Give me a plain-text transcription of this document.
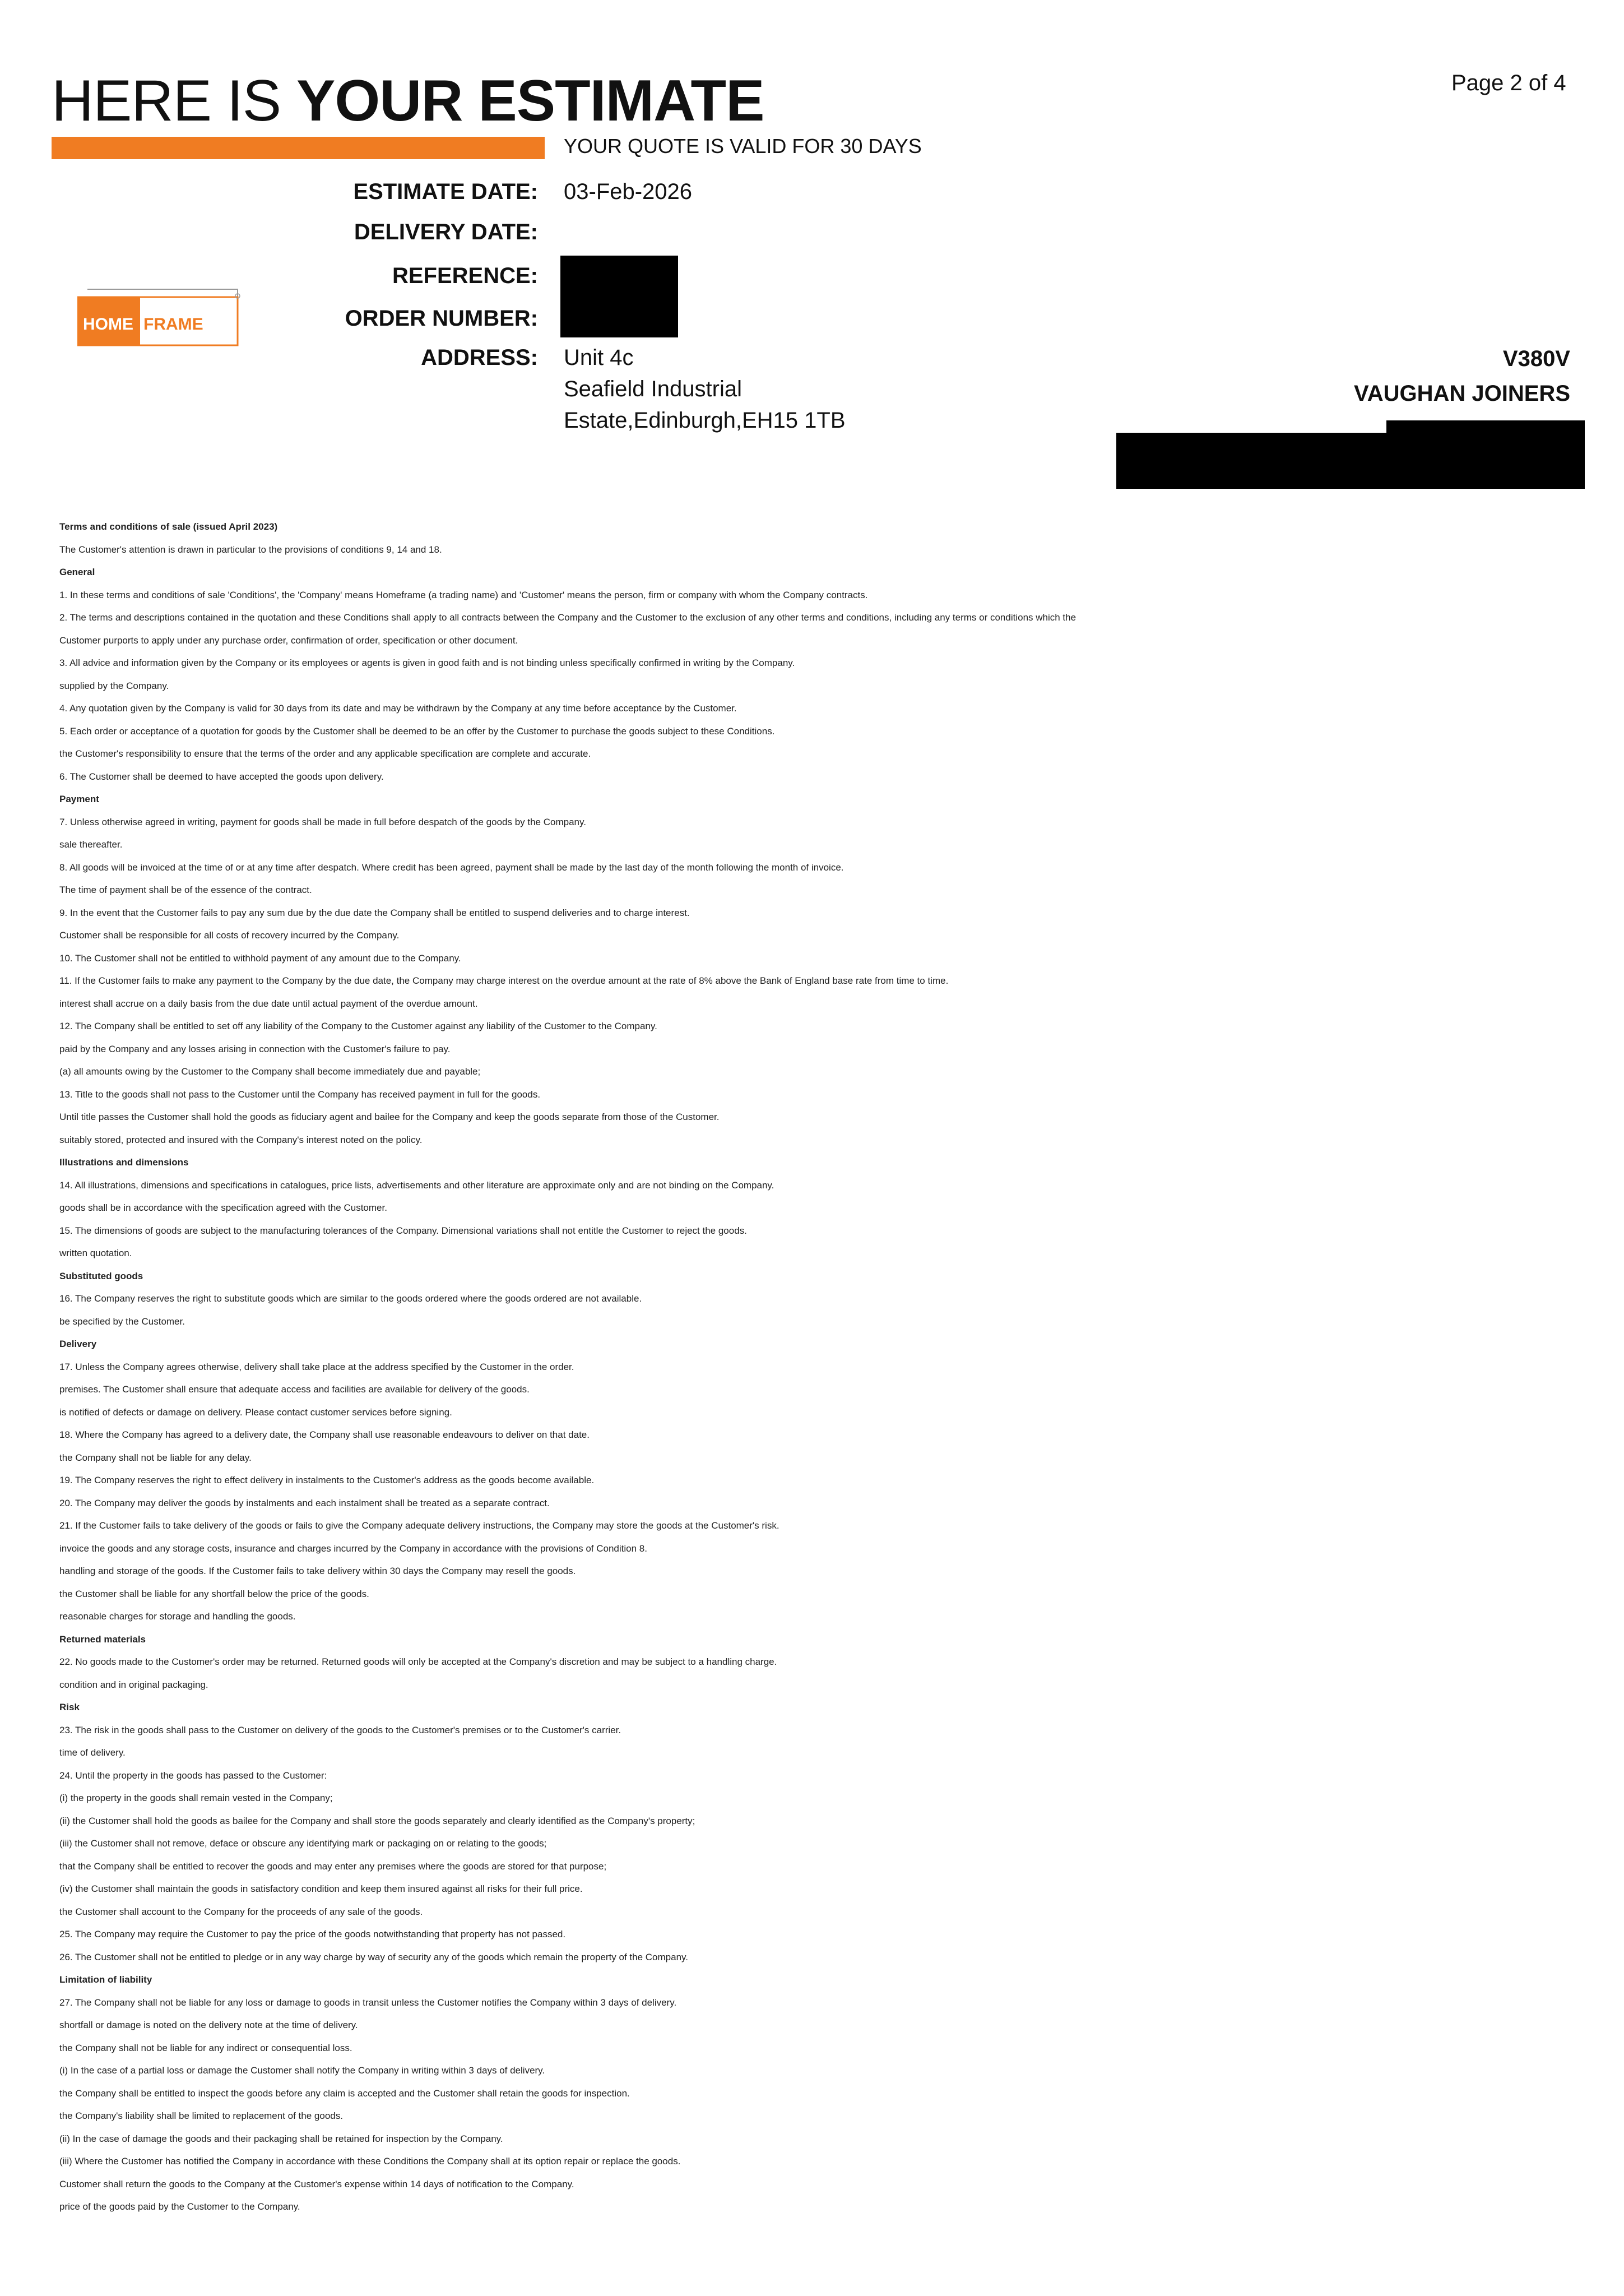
HERE IS YOUR ESTIMATE
YOUR QUOTE IS VALID FOR 30 DAYS
Page 2 of 4
ESTIMATE DATE: 03-Feb-2026
DELIVERY DATE:
REFERENCE:
ORDER NUMBER:
ADDRESS: Unit 4c
Seafield Industrial
Estate,Edinburgh,EH15 1TB
HOME FRAME
V380V
VAUGHAN JOINERS
Terms and conditions of sale (issued April 2023)
The Customer's attention is drawn in particular to the provisions of conditions 9, 14 and 18.
General
1. In these terms and conditions of sale 'Conditions', the 'Company' means Homeframe (a trading name) and 'Customer' means the person, firm or company with whom the Company contracts.
2. The terms and descriptions contained in the quotation and these Conditions shall apply to all contracts between the Company and the Customer to the exclusion of any other terms and conditions, including any terms or conditions which the
Customer purports to apply under any purchase order, confirmation of order, specification or other document.
3. All advice and information given by the Company or its employees or agents is given in good faith and is not binding unless specifically confirmed in writing by the Company.
supplied by the Company.
4. Any quotation given by the Company is valid for 30 days from its date and may be withdrawn by the Company at any time before acceptance by the Customer.
5. Each order or acceptance of a quotation for goods by the Customer shall be deemed to be an offer by the Customer to purchase the goods subject to these Conditions.
the Customer's responsibility to ensure that the terms of the order and any applicable specification are complete and accurate.
6. The Customer shall be deemed to have accepted the goods upon delivery.
Payment
7. Unless otherwise agreed in writing, payment for goods shall be made in full before despatch of the goods by the Company.
sale thereafter.
8. All goods will be invoiced at the time of or at any time after despatch. Where credit has been agreed, payment shall be made by the last day of the month following the month of invoice.
The time of payment shall be of the essence of the contract.
9. In the event that the Customer fails to pay any sum due by the due date the Company shall be entitled to suspend deliveries and to charge interest.
Customer shall be responsible for all costs of recovery incurred by the Company.
10. The Customer shall not be entitled to withhold payment of any amount due to the Company.
11. If the Customer fails to make any payment to the Company by the due date, the Company may charge interest on the overdue amount at the rate of 8% above the Bank of England base rate from time to time.
interest shall accrue on a daily basis from the due date until actual payment of the overdue amount.
12. The Company shall be entitled to set off any liability of the Company to the Customer against any liability of the Customer to the Company.
paid by the Company and any losses arising in connection with the Customer's failure to pay.
(a) all amounts owing by the Customer to the Company shall become immediately due and payable;
13. Title to the goods shall not pass to the Customer until the Company has received payment in full for the goods.
Until title passes the Customer shall hold the goods as fiduciary agent and bailee for the Company and keep the goods separate from those of the Customer.
suitably stored, protected and insured with the Company's interest noted on the policy.
Illustrations and dimensions
14. All illustrations, dimensions and specifications in catalogues, price lists, advertisements and other literature are approximate only and are not binding on the Company.
goods shall be in accordance with the specification agreed with the Customer.
15. The dimensions of goods are subject to the manufacturing tolerances of the Company. Dimensional variations shall not entitle the Customer to reject the goods.
written quotation.
Substituted goods
16. The Company reserves the right to substitute goods which are similar to the goods ordered where the goods ordered are not available.
be specified by the Customer.
Delivery
17. Unless the Company agrees otherwise, delivery shall take place at the address specified by the Customer in the order.
premises. The Customer shall ensure that adequate access and facilities are available for delivery of the goods.
is notified of defects or damage on delivery. Please contact customer services before signing.
18. Where the Company has agreed to a delivery date, the Company shall use reasonable endeavours to deliver on that date.
the Company shall not be liable for any delay.
19. The Company reserves the right to effect delivery in instalments to the Customer's address as the goods become available.
20. The Company may deliver the goods by instalments and each instalment shall be treated as a separate contract.
21. If the Customer fails to take delivery of the goods or fails to give the Company adequate delivery instructions, the Company may store the goods at the Customer's risk.
invoice the goods and any storage costs, insurance and charges incurred by the Company in accordance with the provisions of Condition 8.
handling and storage of the goods. If the Customer fails to take delivery within 30 days the Company may resell the goods.
the Customer shall be liable for any shortfall below the price of the goods.
reasonable charges for storage and handling the goods.
Returned materials
22. No goods made to the Customer's order may be returned. Returned goods will only be accepted at the Company's discretion and may be subject to a handling charge.
condition and in original packaging.
Risk
23. The risk in the goods shall pass to the Customer on delivery of the goods to the Customer's premises or to the Customer's carrier.
time of delivery.
24. Until the property in the goods has passed to the Customer:
(i) the property in the goods shall remain vested in the Company;
(ii) the Customer shall hold the goods as bailee for the Company and shall store the goods separately and clearly identified as the Company's property;
(iii) the Customer shall not remove, deface or obscure any identifying mark or packaging on or relating to the goods;
that the Company shall be entitled to recover the goods and may enter any premises where the goods are stored for that purpose;
(iv) the Customer shall maintain the goods in satisfactory condition and keep them insured against all risks for their full price.
the Customer shall account to the Company for the proceeds of any sale of the goods.
25. The Company may require the Customer to pay the price of the goods notwithstanding that property has not passed.
26. The Customer shall not be entitled to pledge or in any way charge by way of security any of the goods which remain the property of the Company.
Limitation of liability
27. The Company shall not be liable for any loss or damage to goods in transit unless the Customer notifies the Company within 3 days of delivery.
shortfall or damage is noted on the delivery note at the time of delivery.
the Company shall not be liable for any indirect or consequential loss.
(i) In the case of a partial loss or damage the Customer shall notify the Company in writing within 3 days of delivery.
the Company shall be entitled to inspect the goods before any claim is accepted and the Customer shall retain the goods for inspection.
the Company's liability shall be limited to replacement of the goods.
(ii) In the case of damage the goods and their packaging shall be retained for inspection by the Company.
(iii) Where the Customer has notified the Company in accordance with these Conditions the Company shall at its option repair or replace the goods.
Customer shall return the goods to the Company at the Customer's expense within 14 days of notification to the Company.
price of the goods paid by the Customer to the Company.
